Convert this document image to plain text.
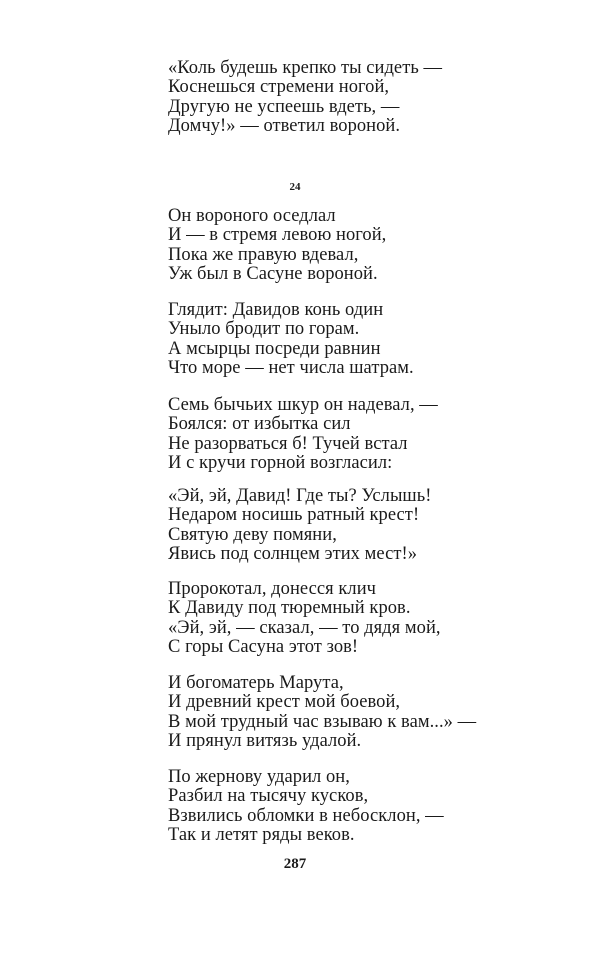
«Коль будешь крепко ты сидеть —
Коснешься стремени ногой,
Другую не успеешь вдеть, —
Домчу!» — ответил вороной.
24
Он вороного оседлал
И — в стремя левою ногой,
Пока же правую вдевал,
Уж был в Сасуне вороной.
Глядит: Давидов конь один
Уныло бродит по горам.
А мсырцы посреди равнин
Что море — нет числа шатрам.
Семь бычьих шкур он надевал, —
Боялся: от избытка сил
Не разорваться б! Тучей встал
И с кручи горной возгласил:
«Эй, эй, Давид! Где ты? Услышь!
Недаром носишь ратный крест!
Святую деву помяни,
Явись под солнцем этих мест!»
Пророкотал, донесся клич
К Давиду под тюремный кров.
«Эй, эй, — сказал, — то дядя мой,
С горы Сасуна этот зов!
И богоматерь Марута,
И древний крест мой боевой,
В мой трудный час взываю к вам...» —
И прянул витязь удалой.
По жернову ударил он,
Разбил на тысячу кусков,
Взвились обломки в небосклон, —
Так и летят ряды веков.
287
